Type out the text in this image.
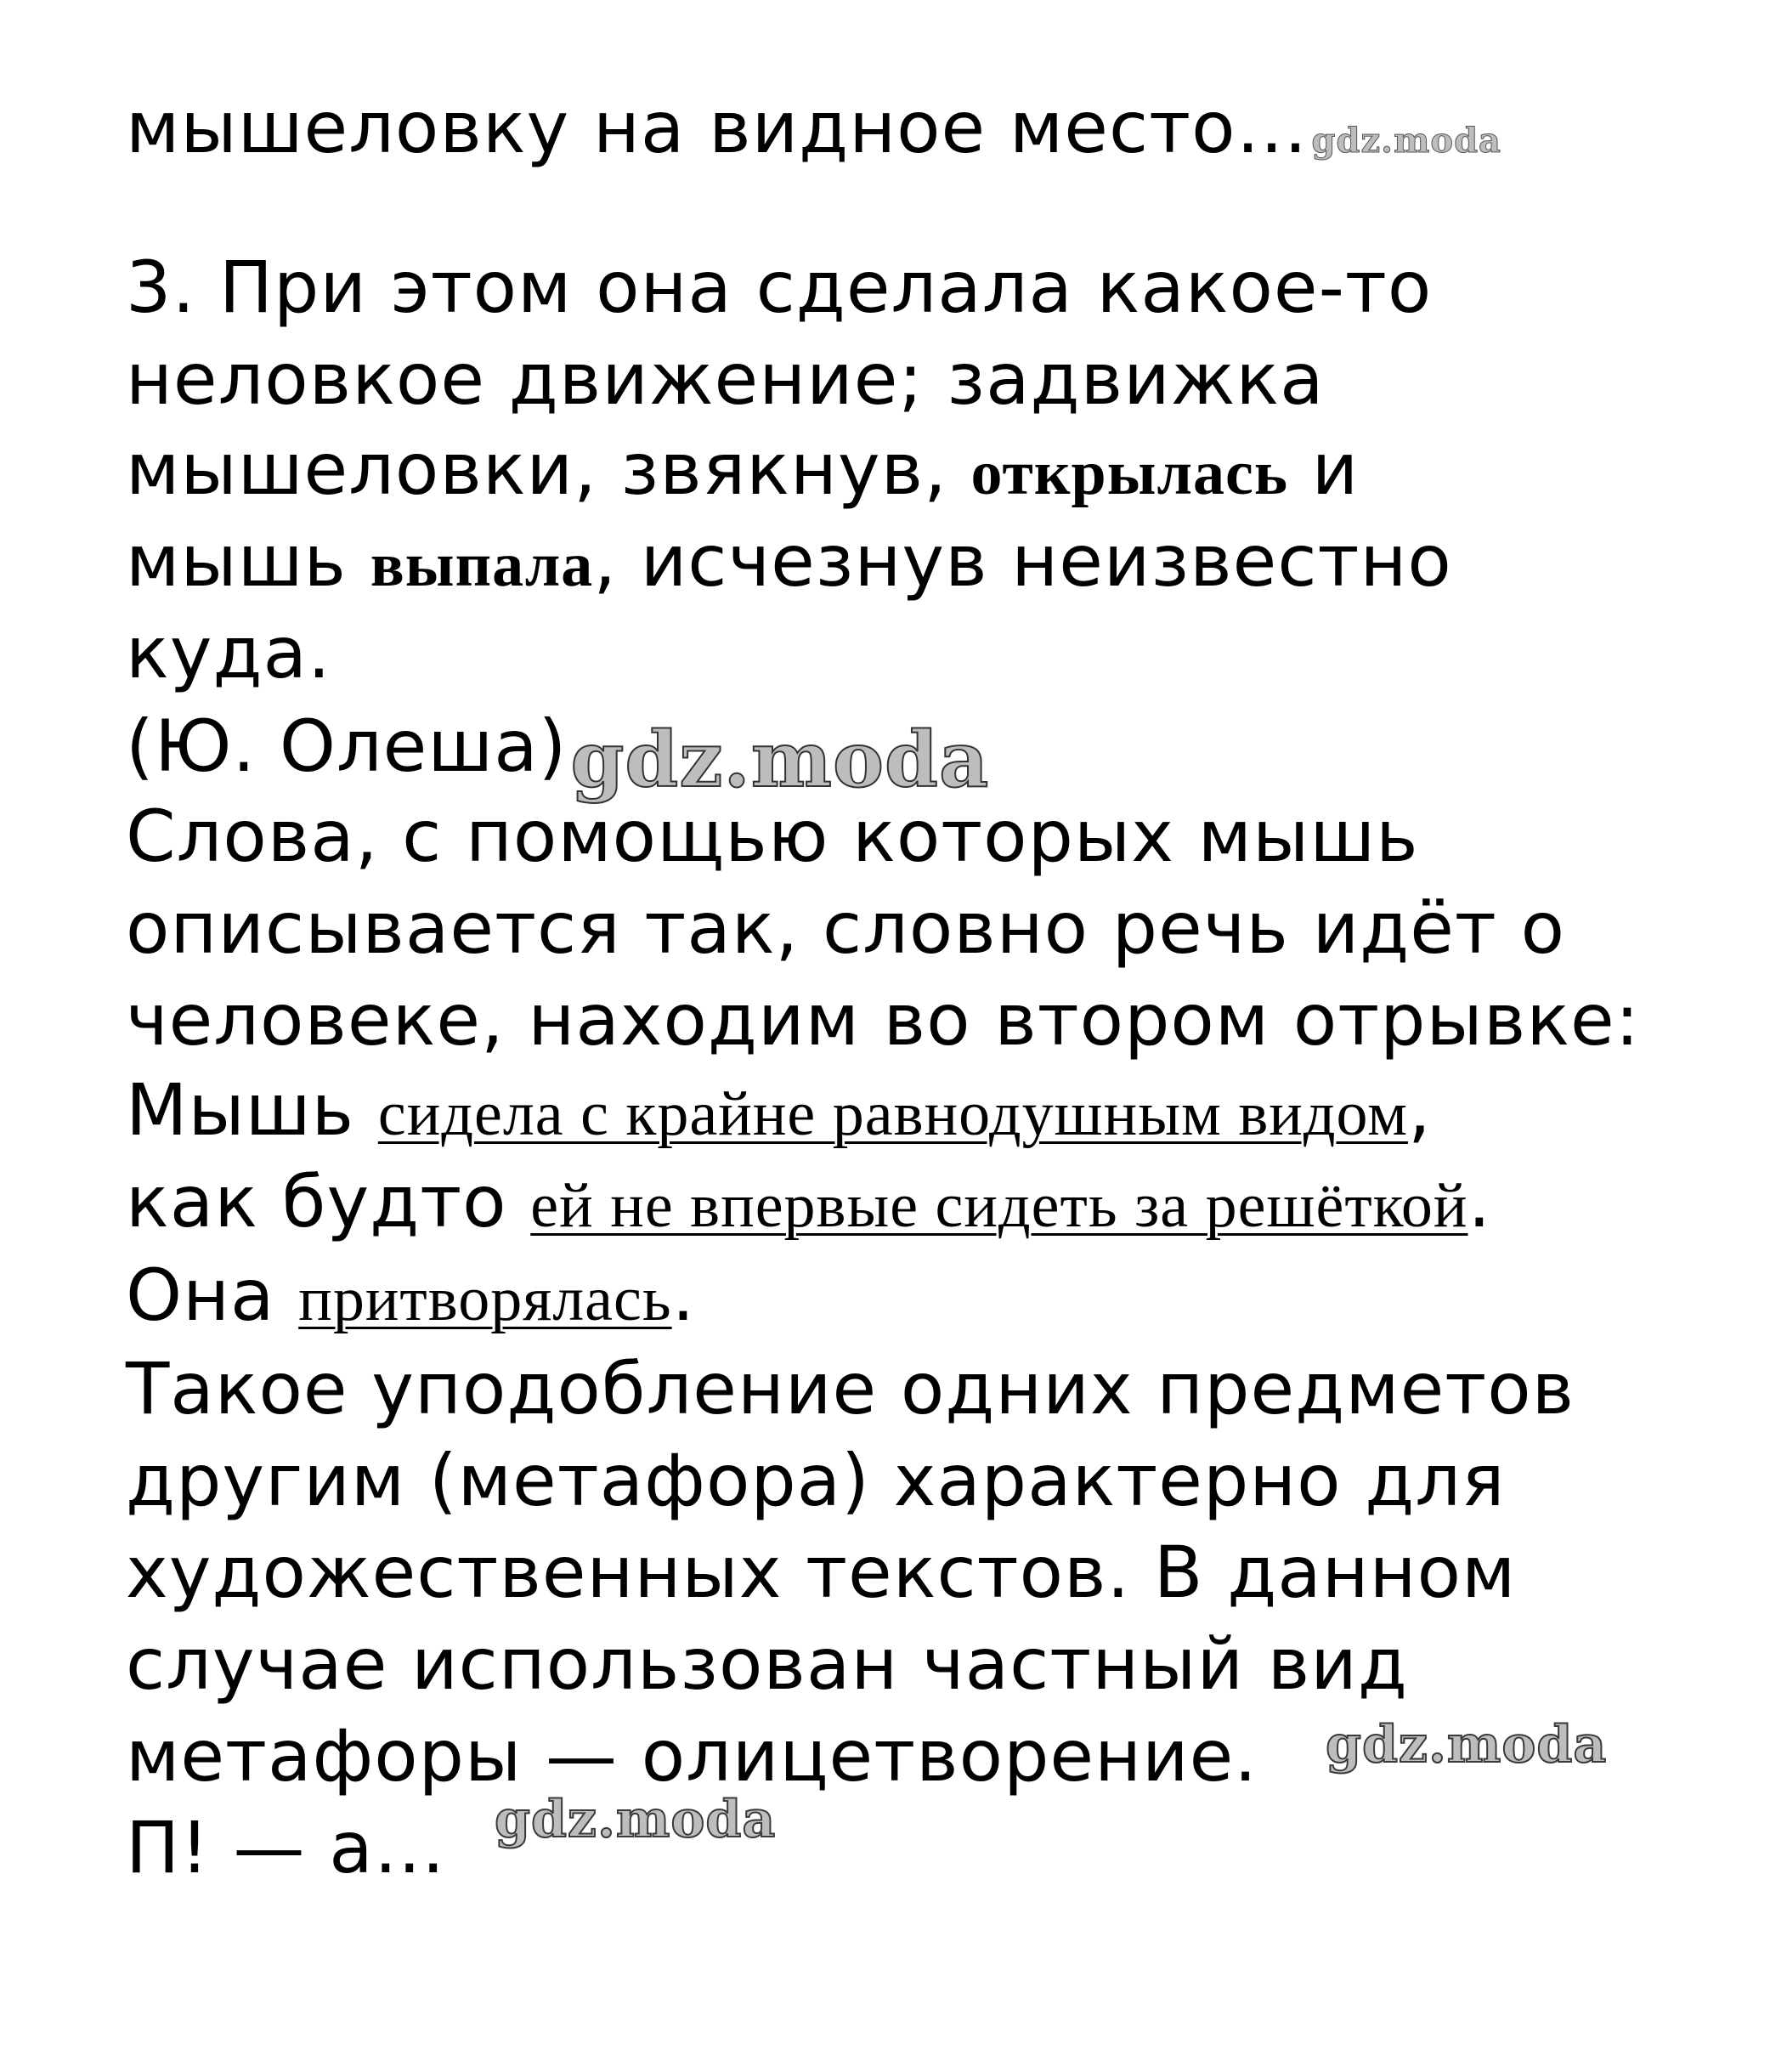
мышеловку на видное место… gdz.moda

3. При этом она сделала какое-то

неловкое движение; задвижка

мышеловки, звякнув, открылась и

мышь выпала, исчезнув неизвестно

куда.

(Ю. Олеша)gdz.moda

Слова, с помощью которых мышь

описывается так, словно речь идёт о

человеке, находим во втором отрывке:

Мышь сидела с крайне равнодушным видом,

как будто ей не впервые сидеть за решёткой.

Она притворялась.

Такое уподобление одних предметов

другим (метафора) характерно для

художественных текстов. В данном

случае использован частный вид

метафоры — олицетворение. gdz.moda

П! — а… gdz.moda
